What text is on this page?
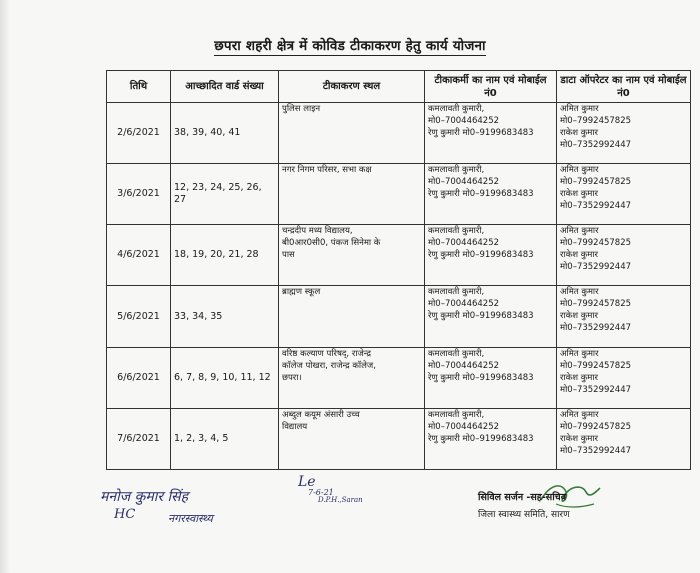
छपरा शहरी क्षेत्र में कोविड टीकाकरण हेतु कार्य योजना
तिथि	आच्छादित वार्ड संख्या	टीकाकरण स्थल	टीकाकर्मी का नाम एवं मोबाईल नं0	डाटा ऑपरेटर का नाम एवं मोबाईल नं0
2/6/2021	38, 39, 40, 41	पुलिस लाइन	कमलावती कुमारी,
मो0–7004464252
रेणु कुमारी मो0–9199683483	अमित कुमार
मो0–7992457825
राकेश कुमार
मो0–7352992447

3/6/2021	12, 23, 24, 25, 26, 27	नगर निगम परिसर, सभा कक्ष	कमलावती कुमारी,
मो0–7004464252
रेणु कुमारी मो0–9199683483	अमित कुमार
मो0–7992457825
राकेश कुमार
मो0–7352992447

4/6/2021	18, 19, 20, 21, 28	चन्द्रदीप मध्य विद्यालय,
बी0आर0सी0, पंकज सिनेमा के
पास	कमलावती कुमारी,
मो0–7004464252
रेणु कुमारी मो0–9199683483	अमित कुमार
मो0–7992457825
राकेश कुमार
मो0–7352992447

5/6/2021	33, 34, 35	ब्राह्मण स्कूल	कमलावती कुमारी,
मो0–7004464252
रेणु कुमारी मो0–9199683483	अमित कुमार
मो0–7992457825
राकेश कुमार
मो0–7352992447

6/6/2021	6, 7, 8, 9, 10, 11, 12	वरिष्ठ कल्याण परिषद्, राजेन्द्र
कॉलेज पोखरा, राजेन्द्र कॉलेज,
छपरा।	कमलावती कुमारी,
मो0–7004464252
रेणु कुमारी मो0–9199683483	अमित कुमार
मो0–7992457825
राकेश कुमार
मो0–7352992447

7/6/2021	1, 2, 3, 4, 5	अब्दुल कयूम अंसारी उच्च
विद्यालय	कमलावती कुमारी,
मो0–7004464252
रेणु कुमारी मो0–9199683483	अमित कुमार
मो0–7992457825
राकेश कुमार
मो0–7352992447
मनोज कुमार सिंह
HC	नगरस्वास्थ्य
Le
7-6-21
D.P.H.,Saran	सिविल सर्जन -सह-सचिव
जिला स्वास्थ्य समिति, सारण
